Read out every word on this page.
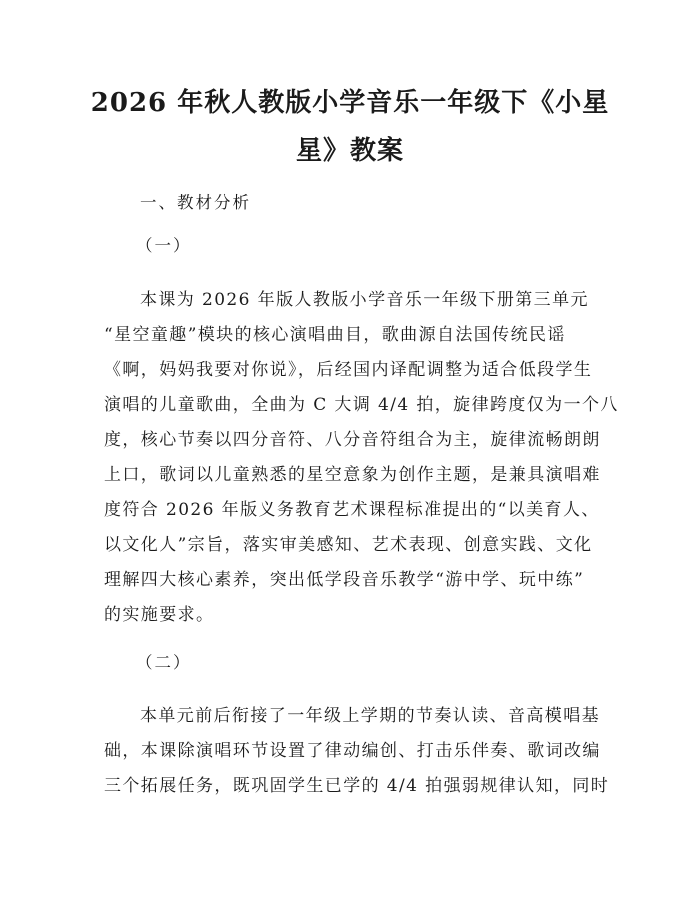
2026 年秋人教版小学音乐一年级下《小星
星》教案
一、教材分析
（一）
本课为 2026 年版人教版小学音乐一年级下册第三单元
“星空童趣”模块的核心演唱曲目，歌曲源自法国传统民谣
《啊，妈妈我要对你说》，后经国内译配调整为适合低段学生
演唱的儿童歌曲，全曲为 C 大调 4/4 拍，旋律跨度仅为一个八
度，核心节奏以四分音符、八分音符组合为主，旋律流畅朗朗
上口，歌词以儿童熟悉的星空意象为创作主题，是兼具演唱难
度符合 2026 年版义务教育艺术课程标准提出的“以美育人、
以文化人”宗旨，落实审美感知、艺术表现、创意实践、文化
理解四大核心素养，突出低学段音乐教学“游中学、玩中练”
的实施要求。
（二）
本单元前后衔接了一年级上学期的节奏认读、音高模唱基
础，本课除演唱环节设置了律动编创、打击乐伴奏、歌词改编
三个拓展任务，既巩固学生已学的 4/4 拍强弱规律认知，同时
